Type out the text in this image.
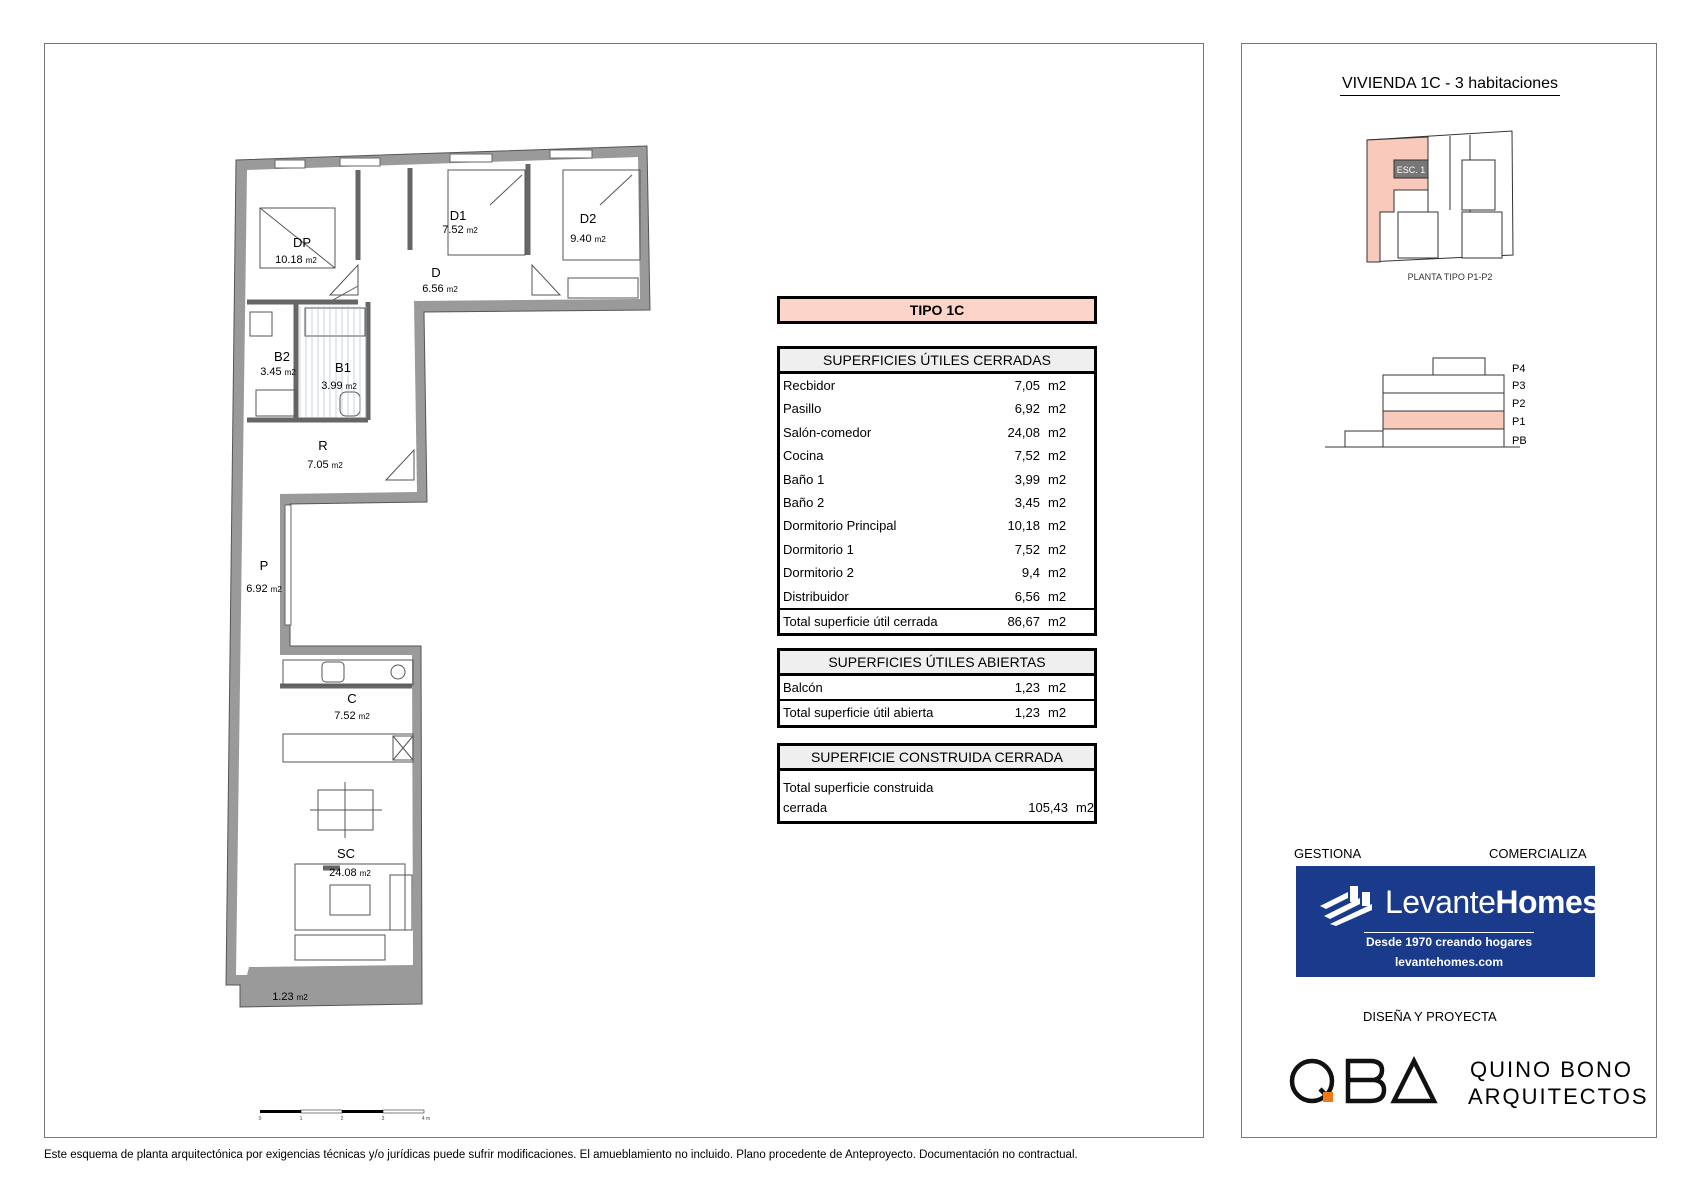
DP
10.18 m2
D1
7.52 m2
D2
9.40 m2
D
6.56 m2
B2
3.45 m2	B1
3.99 m2
R
7.05 m2
P
6.92 m2
C
7.52 m2
SC
24.08 m2
1.23 m2
0	1	2	3	4 m
TIPO 1C
SUPERFICIES ÚTILES CERRADAS
Recbidor	7,05 m2
Pasillo	6,92 m2
Salón-comedor	24,08 m2
Cocina	7,52 m2
Baño 1	3,99 m2
Baño 2	3,45 m2
Dormitorio Principal	10,18 m2
Dormitorio 1	7,52 m2
Dormitorio 2	9,4 m2
Distribuidor	6,56 m2
Total superficie útil cerrada	86,67 m2
SUPERFICIES ÚTILES ABIERTAS
Balcón	1,23 m2
Total superficie útil abierta	1,23 m2
SUPERFICIE CONSTRUIDA CERRADA
Total superficie construida
cerrada	105,43 m2
VIVIENDA 1C - 3 habitaciones
ESC. 1
PLANTA TIPO P1-P2
P4
P3
P2
P1
PB
GESTIONA	COMERCIALIZA
LevanteHomes
Desde 1970 creando hogares
levantehomes.com
DISEÑA Y PROYECTA
QBA
QUINO BONO
ARQUITECTOS
Este esquema de planta arquitectónica por exigencias técnicas y/o jurídicas puede sufrir modificaciones. El amueblamiento no incluido. Plano procedente de Anteproyecto. Documentación no contractual.
